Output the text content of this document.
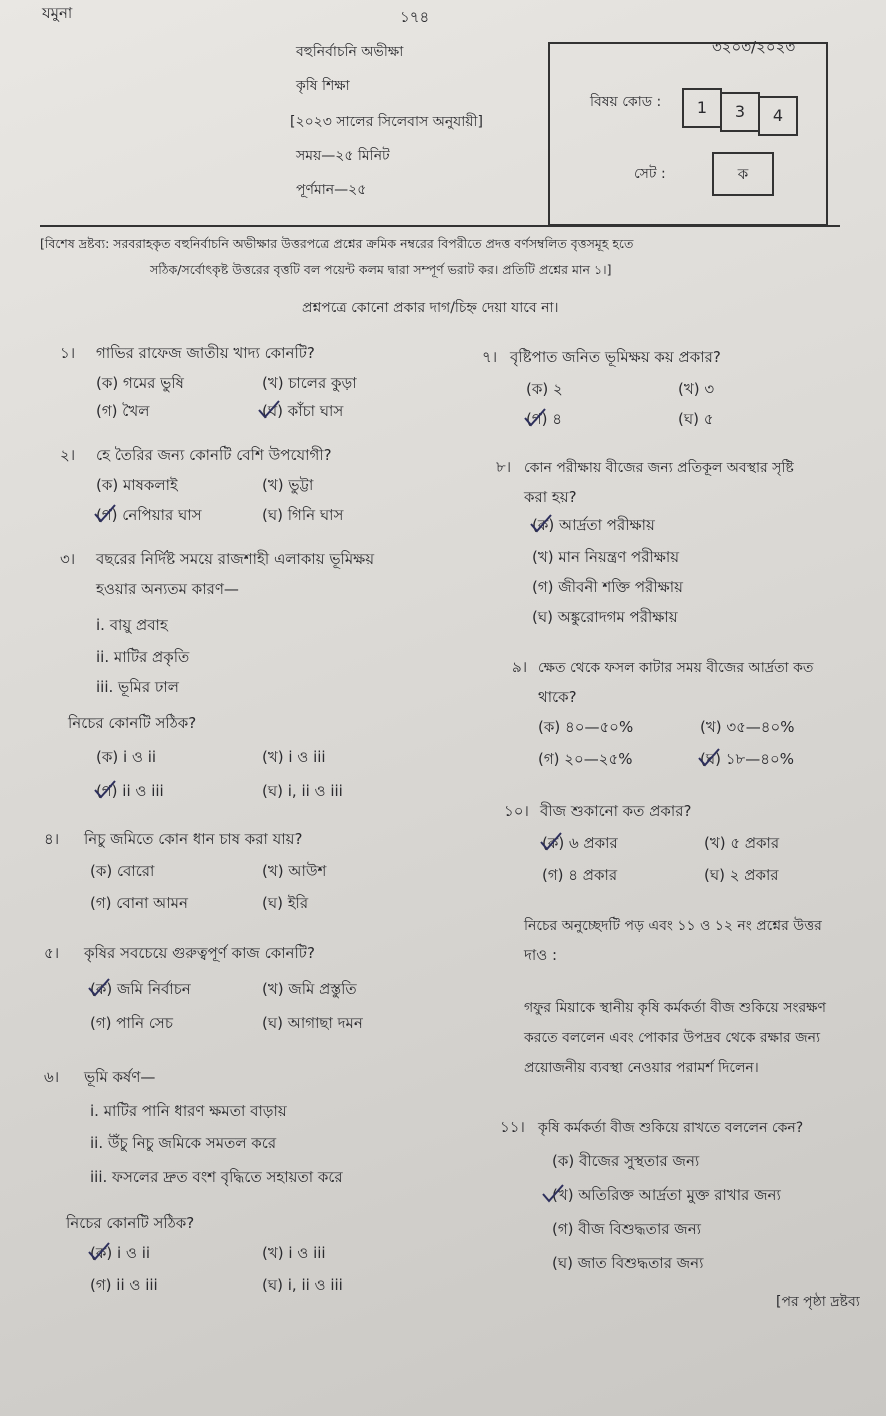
যমুনা	১৭৪
বহুনির্বাচনি অভীক্ষা
কৃষি শিক্ষা
[২০২৩ সালের সিলেবাস অনুযায়ী]
সময়—২৫ মিনিট
পূর্ণমান—২৫
৩২০৩/২০২৩
বিষয় কোড :	1	3	4
সেট :	ক
[বিশেষ দ্রষ্টব্য: সরবরাহকৃত বহুনির্বাচনি অভীক্ষার উত্তরপত্রে প্রশ্নের ক্রমিক নম্বরের বিপরীতে প্রদত্ত বর্ণসম্বলিত বৃত্তসমূহ হতে
সঠিক/সর্বোৎকৃষ্ট উত্তরের বৃত্তটি বল পয়েন্ট কলম দ্বারা সম্পূর্ণ ভরাট কর। প্রতিটি প্রশ্নের মান ১।]
প্রশ্নপত্রে কোনো প্রকার দাগ/চিহ্ন দেয়া যাবে না।
১। গাভির রাফেজ জাতীয় খাদ্য কোনটি?
(ক) গমের ভুষি	(খ) চালের কুড়া
(গ) খৈল	(ঘ) কাঁচা ঘাস
২। হে তৈরির জন্য কোনটি বেশি উপযোগী?
(ক) মাষকলাই	(খ) ভুট্টা
(গ) নেপিয়ার ঘাস	(ঘ) গিনি ঘাস
৩। বছরের নির্দিষ্ট সময়ে রাজশাহী এলাকায় ভূমিক্ষয়
হওয়ার অন্যতম কারণ—
i. বায়ু প্রবাহ
ii. মাটির প্রকৃতি
iii. ভূমির ঢাল
নিচের কোনটি সঠিক?
(ক) i ও ii	(খ) i ও iii
(গ) ii ও iii	(ঘ) i, ii ও iii
৪। নিচু জমিতে কোন ধান চাষ করা যায়?
(ক) বোরো	(খ) আউশ
(গ) বোনা আমন	(ঘ) ইরি
৫। কৃষির সবচেয়ে গুরুত্বপূর্ণ কাজ কোনটি?
(ক) জমি নির্বাচন	(খ) জমি প্রস্তুতি
(গ) পানি সেচ	(ঘ) আগাছা দমন
৬। ভূমি কর্ষণ—
i. মাটির পানি ধারণ ক্ষমতা বাড়ায়
ii. উঁচু নিচু জমিকে সমতল করে
iii. ফসলের দ্রুত বংশ বৃদ্ধিতে সহায়তা করে
নিচের কোনটি সঠিক?
(ক) i ও ii	(খ) i ও iii
(গ) ii ও iii	(ঘ) i, ii ও iii
৭। বৃষ্টিপাত জনিত ভূমিক্ষয় কয় প্রকার?
(ক) ২	(খ) ৩
(গ) ৪	(ঘ) ৫
৮। কোন পরীক্ষায় বীজের জন্য প্রতিকূল অবস্থার সৃষ্টি
করা হয়?
(ক) আর্দ্রতা পরীক্ষায়
(খ) মান নিয়ন্ত্রণ পরীক্ষায়
(গ) জীবনী শক্তি পরীক্ষায়
(ঘ) অঙ্কুরোদগম পরীক্ষায়
৯। ক্ষেত থেকে ফসল কাটার সময় বীজের আর্দ্রতা কত
থাকে?
(ক) ৪০—৫০%	(খ) ৩৫—৪০%
(গ) ২০—২৫%	(ঘ) ১৮—৪০%
১০। বীজ শুকানো কত প্রকার?
(ক) ৬ প্রকার	(খ) ৫ প্রকার
(গ) ৪ প্রকার	(ঘ) ২ প্রকার
নিচের অনুচ্ছেদটি পড় এবং ১১ ও ১২ নং প্রশ্নের উত্তর
দাও :
গফুর মিয়াকে স্থানীয় কৃষি কর্মকর্তা বীজ শুকিয়ে সংরক্ষণ
করতে বললেন এবং পোকার উপদ্রব থেকে রক্ষার জন্য
প্রয়োজনীয় ব্যবস্থা নেওয়ার পরামর্শ দিলেন।
১১। কৃষি কর্মকর্তা বীজ শুকিয়ে রাখতে বললেন কেন?
(ক) বীজের সুস্থতার জন্য
(খ) অতিরিক্ত আর্দ্রতা মুক্ত রাখার জন্য
(গ) বীজ বিশুদ্ধতার জন্য
(ঘ) জাত বিশুদ্ধতার জন্য
[পর পৃষ্ঠা দ্রষ্টব্য
